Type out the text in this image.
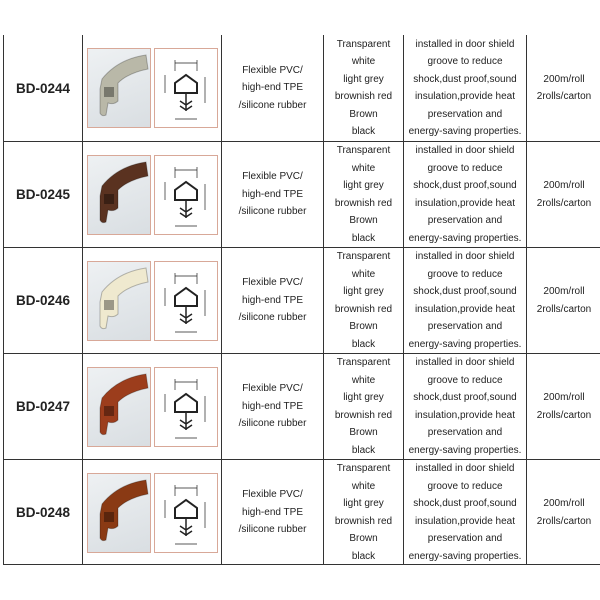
BD-0244
Flexible PVC/
high-end TPE
/silicone rubber
Transparent
white
light grey
brownish red
Brown
black
installed in door shield
groove to reduce
shock,dust proof,sound
insulation,provide heat
preservation and
energy-saving properties.
200m/roll
2rolls/carton
BD-0245
Flexible PVC/
high-end TPE
/silicone rubber
Transparent
white
light grey
brownish red
Brown
black
installed in door shield
groove to reduce
shock,dust proof,sound
insulation,provide heat
preservation and
energy-saving properties.
200m/roll
2rolls/carton
BD-0246
Flexible PVC/
high-end TPE
/silicone rubber
Transparent
white
light grey
brownish red
Brown
black
installed in door shield
groove to reduce
shock,dust proof,sound
insulation,provide heat
preservation and
energy-saving properties.
200m/roll
2rolls/carton
BD-0247
Flexible PVC/
high-end TPE
/silicone rubber
Transparent
white
light grey
brownish red
Brown
black
installed in door shield
groove to reduce
shock,dust proof,sound
insulation,provide heat
preservation and
energy-saving properties.
200m/roll
2rolls/carton
BD-0248
Flexible PVC/
high-end TPE
/silicone rubber
Transparent
white
light grey
brownish red
Brown
black
installed in door shield
groove to reduce
shock,dust proof,sound
insulation,provide heat
preservation and
energy-saving properties.
200m/roll
2rolls/carton
